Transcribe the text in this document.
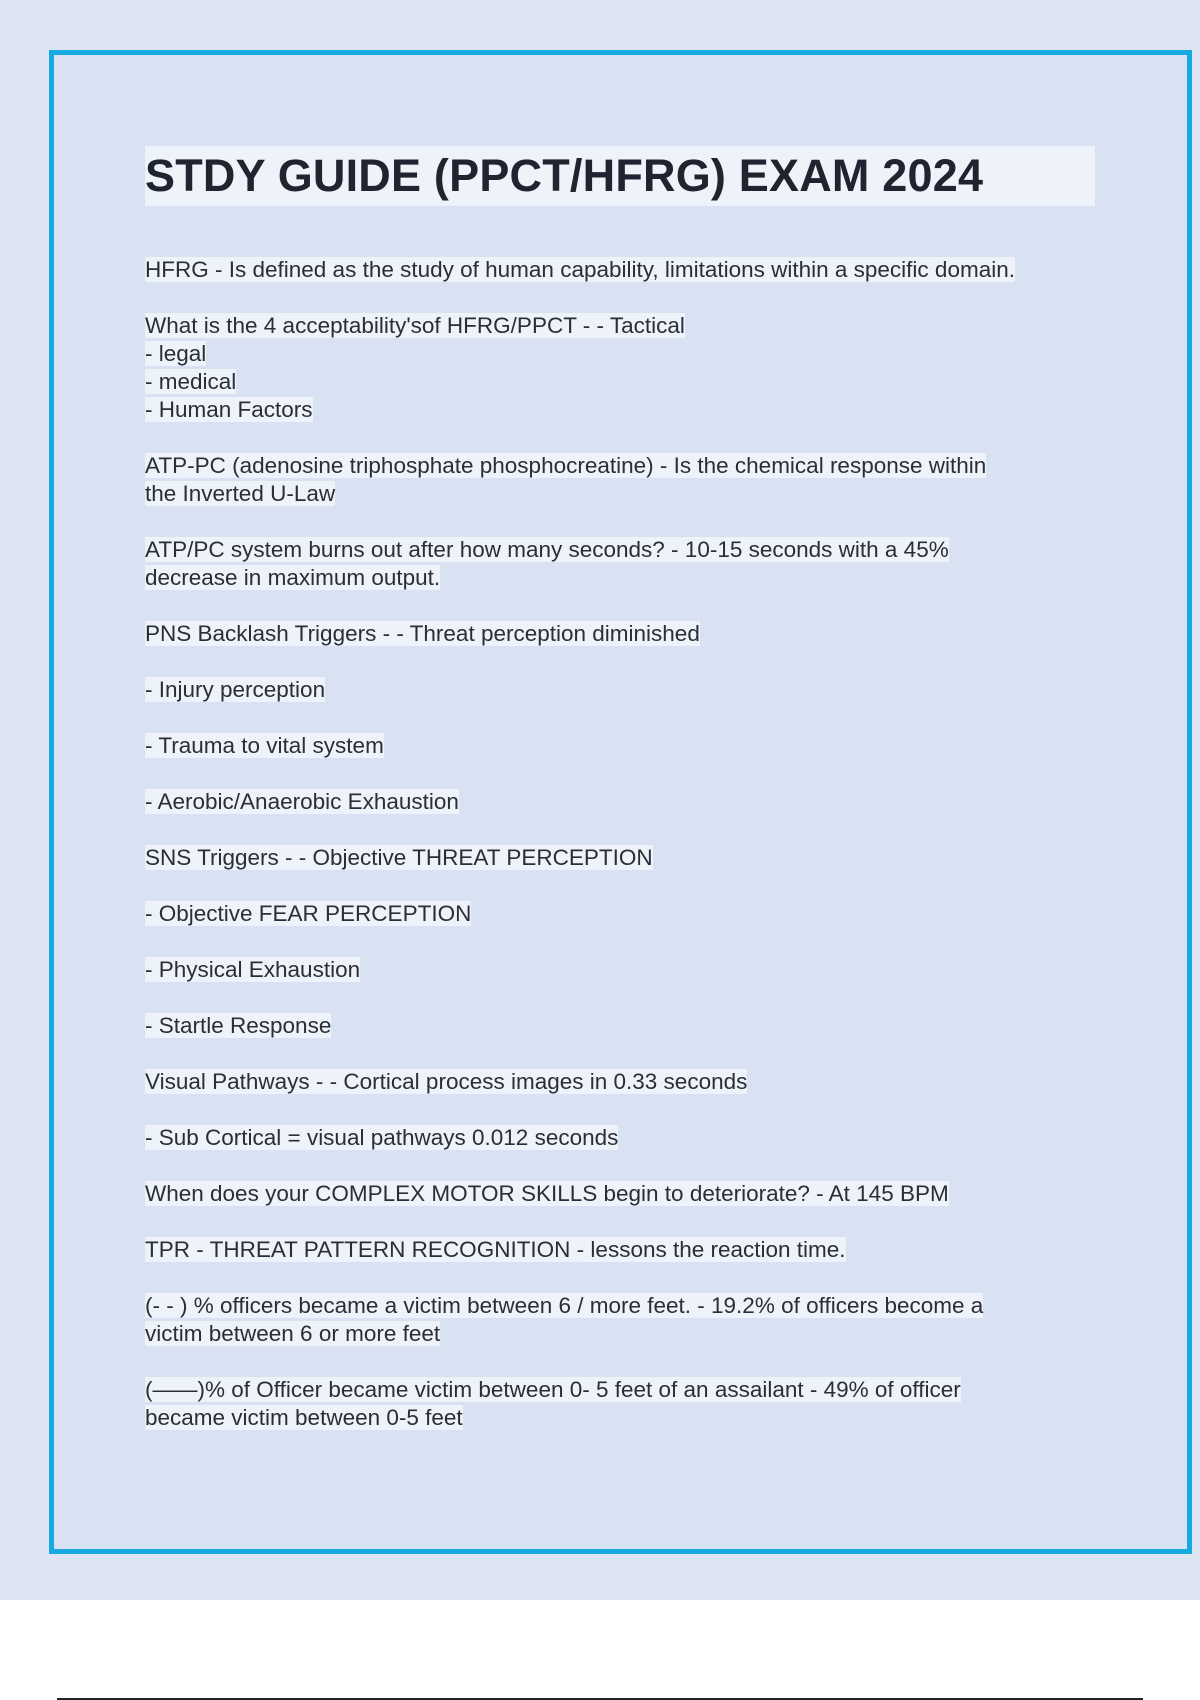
STDY GUIDE (PPCT/HFRG) EXAM 2024

HFRG - Is defined as the study of human capability, limitations within a specific domain.

What is the 4 acceptability'sof HFRG/PPCT - - Tactical

- legal

- medical

- Human Factors

ATP-PC (adenosine triphosphate phosphocreatine) - Is the chemical response within

the Inverted U-Law

ATP/PC system burns out after how many seconds? - 10-15 seconds with a 45%

decrease in maximum output.

PNS Backlash Triggers - - Threat perception diminished

- Injury perception

- Trauma to vital system

- Aerobic/Anaerobic Exhaustion

SNS Triggers - - Objective THREAT PERCEPTION

- Objective FEAR PERCEPTION

- Physical Exhaustion

- Startle Response

Visual Pathways - - Cortical process images in 0.33 seconds

- Sub Cortical = visual pathways 0.012 seconds

When does your COMPLEX MOTOR SKILLS begin to deteriorate? - At 145 BPM

TPR - THREAT PATTERN RECOGNITION - lessons the reaction time.

(- - ) % officers became a victim between 6 / more feet. - 19.2% of officers become a

victim between 6 or more feet

(——)% of Officer became victim between 0- 5 feet of an assailant - 49% of officer

became victim between 0-5 feet
